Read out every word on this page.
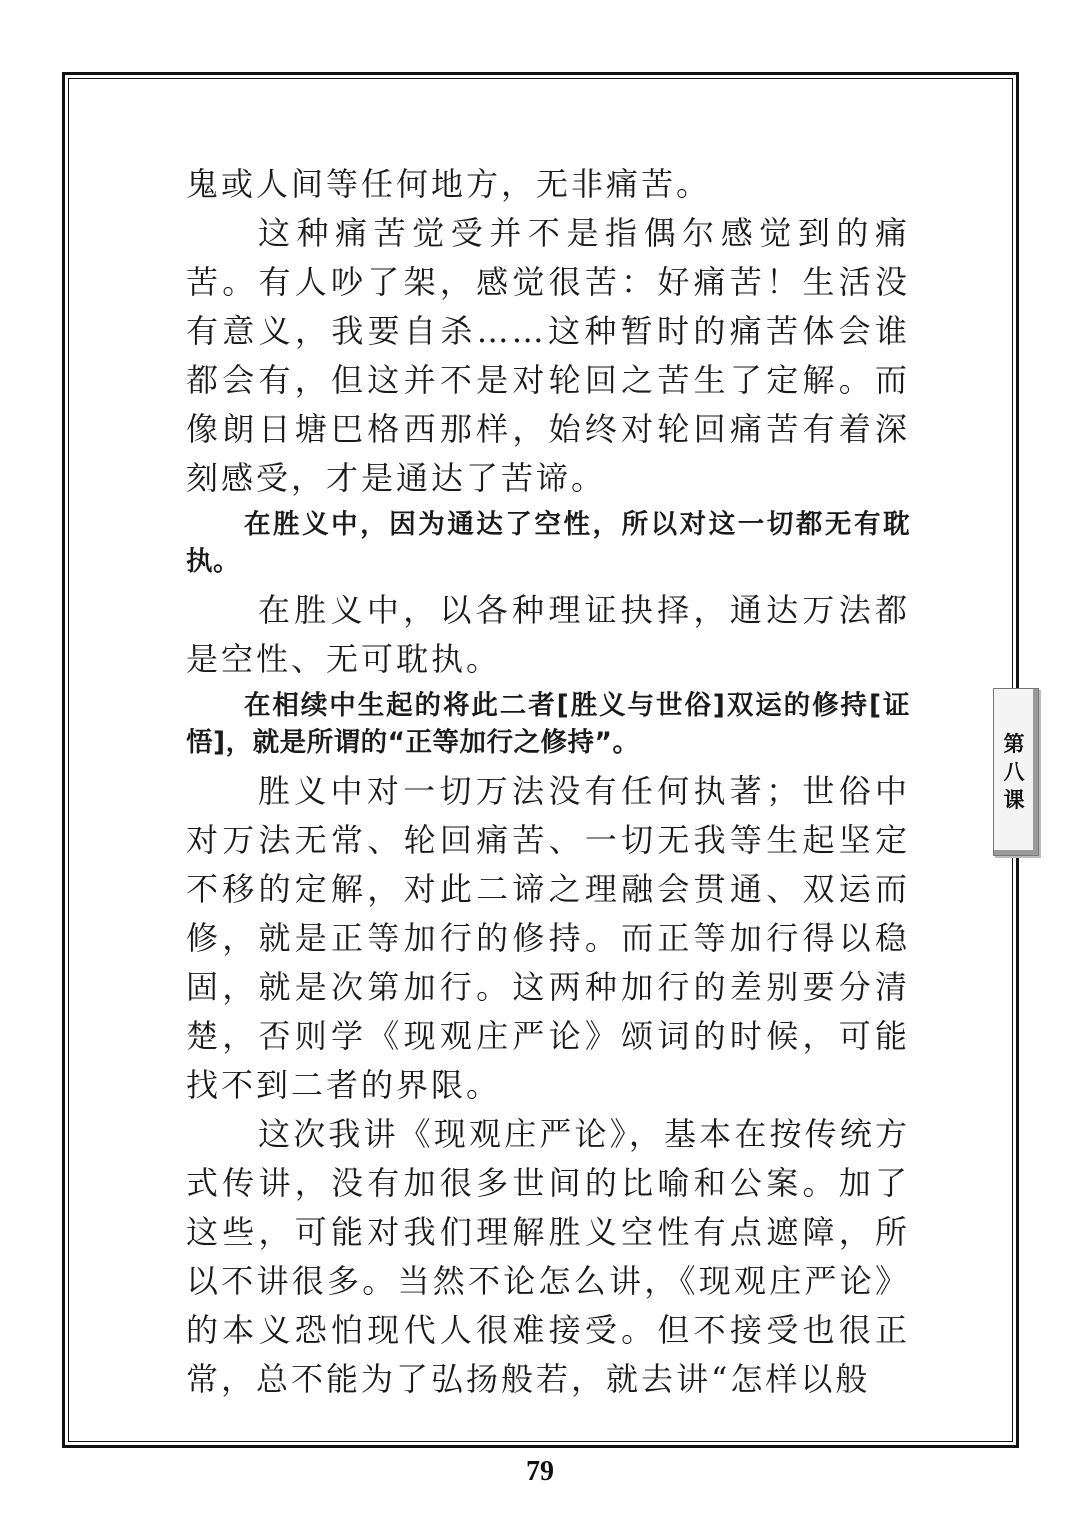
鬼或人间等任何地方，无非痛苦。

这种痛苦觉受并不是指偶尔感觉到的痛苦。有人吵了架，感觉很苦：好痛苦！生活没有意义，我要自杀……这种暂时的痛苦体会谁都会有，但这并不是对轮回之苦生了定解。而像朗日塘巴格西那样，始终对轮回痛苦有着深刻感受，才是通达了苦谛。

在胜义中，因为通达了空性，所以对这一切都无有耽执。

在胜义中，以各种理证抉择，通达万法都是空性、无可耽执。

在相续中生起的将此二者[胜义与世俗]双运的修持[证悟]，就是所谓的“正等加行之修持”。

胜义中对一切万法没有任何执著；世俗中对万法无常、轮回痛苦、一切无我等生起坚定不移的定解，对此二谛之理融会贯通、双运而修，就是正等加行的修持。而正等加行得以稳固，就是次第加行。这两种加行的差别要分清楚，否则学《现观庄严论》颂词的时候，可能找不到二者的界限。

这次我讲《现观庄严论》，基本在按传统方式传讲，没有加很多世间的比喻和公案。加了这些，可能对我们理解胜义空性有点遮障，所以不讲很多。当然不论怎么讲，《现观庄严论》的本义恐怕现代人很难接受。但不接受也很正常，总不能为了弘扬般若，就去讲“怎样以般

第
八
课
79
